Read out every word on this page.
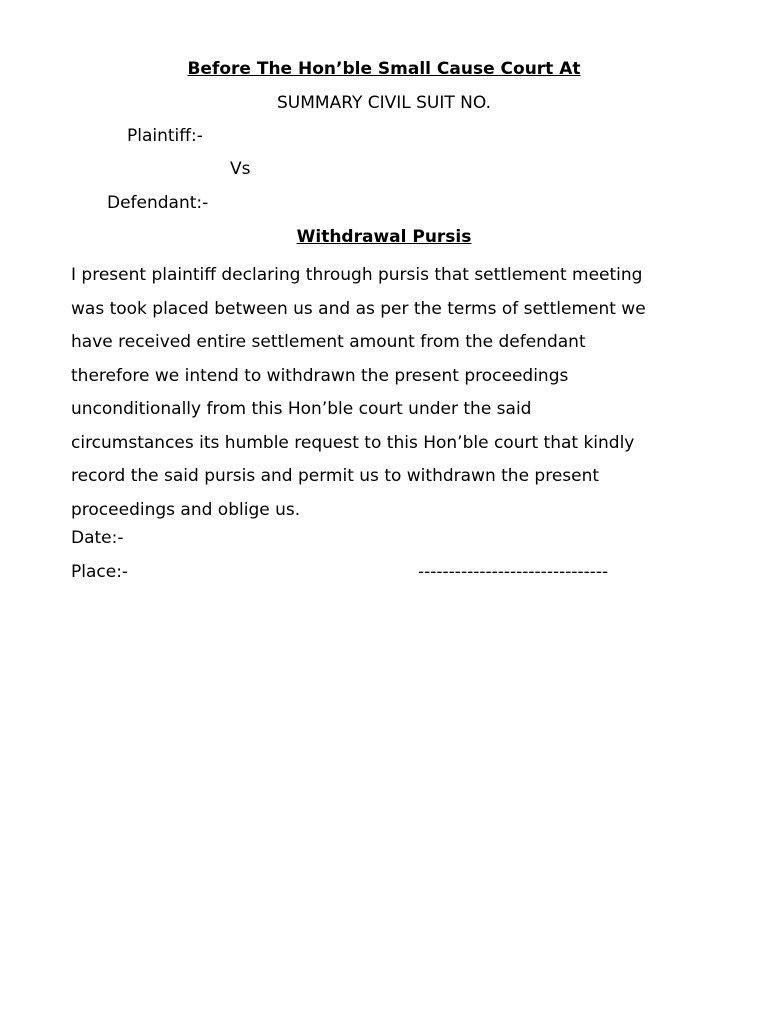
Before The Hon’ble Small Cause Court At
SUMMARY CIVIL SUIT NO.
Plaintiff:-
Vs
Defendant:-
Withdrawal Pursis
I present plaintiff declaring through pursis that settlement meeting
was took placed between us and as per the terms of settlement we
have received entire settlement amount from the defendant
therefore we intend to withdrawn the present proceedings
unconditionally from this Hon’ble court under the said
circumstances its humble request to this Hon’ble court that kindly
record the said pursis and permit us to withdrawn the present
proceedings and oblige us.
Date:-
Place:-	-------------------------------
